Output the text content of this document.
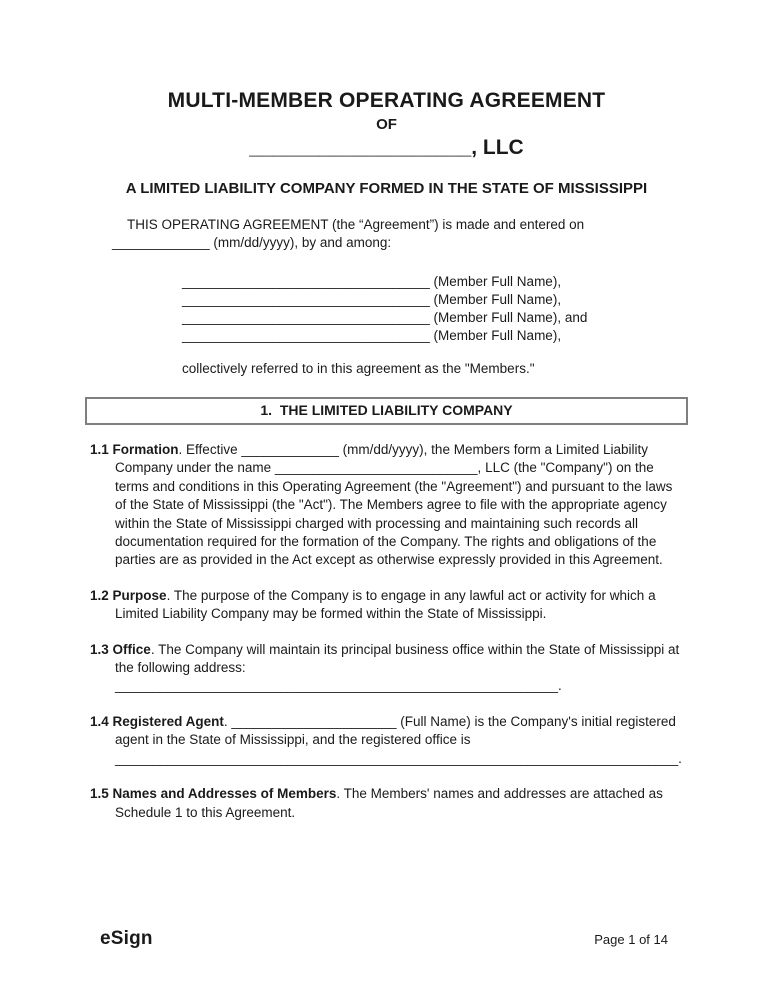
MULTI-MEMBER OPERATING AGREEMENT
OF
___________________, LLC
A LIMITED LIABILITY COMPANY FORMED IN THE STATE OF MISSISSIPPI
THIS OPERATING AGREEMENT (the “Agreement”) is made and entered on
_____________ (mm/dd/yyyy), by and among:
_________________________________ (Member Full Name),
_________________________________ (Member Full Name),
_________________________________ (Member Full Name), and
_________________________________ (Member Full Name),
collectively referred to in this agreement as the "Members."
1.  THE LIMITED LIABILITY COMPANY
1.1 Formation. Effective _____________ (mm/dd/yyyy), the Members form a Limited Liability Company under the name ___________________________, LLC (the "Company") on the terms and conditions in this Operating Agreement (the "Agreement") and pursuant to the laws of the State of Mississippi (the "Act"). The Members agree to file with the appropriate agency within the State of Mississippi charged with processing and maintaining such records all documentation required for the formation of the Company. The rights and obligations of the parties are as provided in the Act except as otherwise expressly provided in this Agreement.
1.2 Purpose. The purpose of the Company is to engage in any lawful act or activity for which a Limited Liability Company may be formed within the State of Mississippi.
1.3 Office. The Company will maintain its principal business office within the State of Mississippi at the following address: ___________________________________________________________.
1.4 Registered Agent. ______________________ (Full Name) is the Company's initial registered agent in the State of Mississippi, and the registered office is ___________________________________________________________________________.
1.5 Names and Addresses of Members. The Members' names and addresses are attached as Schedule 1 to this Agreement.
eSign	Page 1 of 14
